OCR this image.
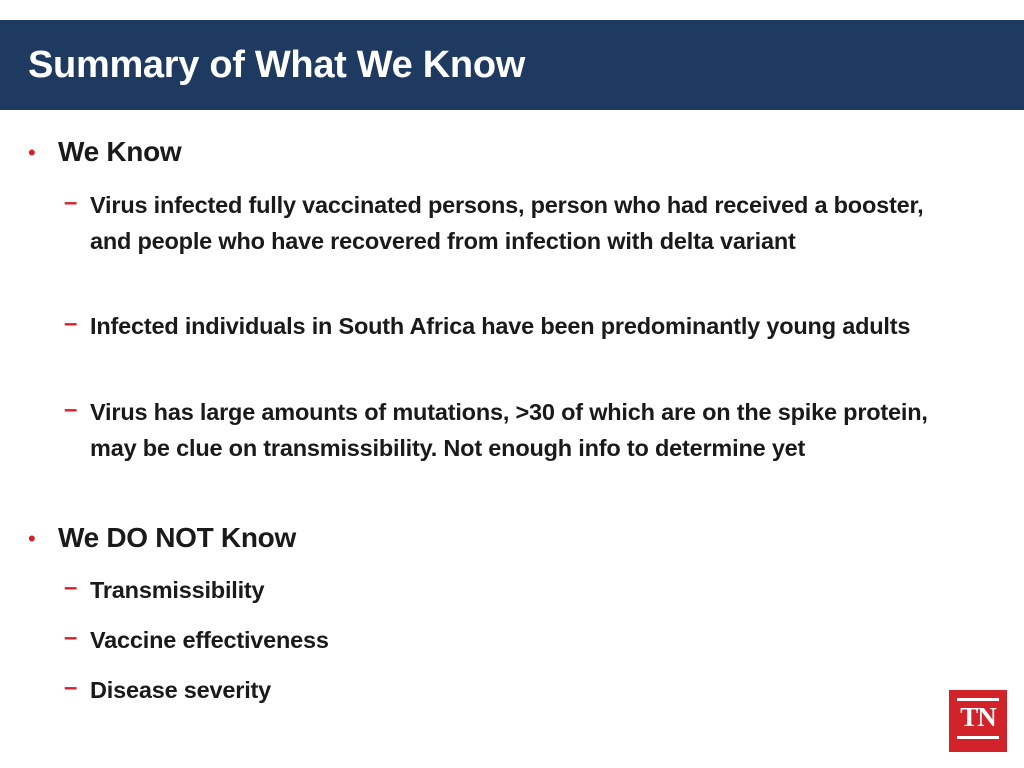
Summary of What We Know
• We Know
– Virus infected fully vaccinated persons, person who had received a booster, and people who have recovered from infection with delta variant
– Infected individuals in South Africa have been predominantly young adults
– Virus has large amounts of mutations, >30 of which are on the spike protein, may be clue on transmissibility. Not enough info to determine yet
• We DO NOT Know
– Transmissibility
– Vaccine effectiveness
– Disease severity
TN
